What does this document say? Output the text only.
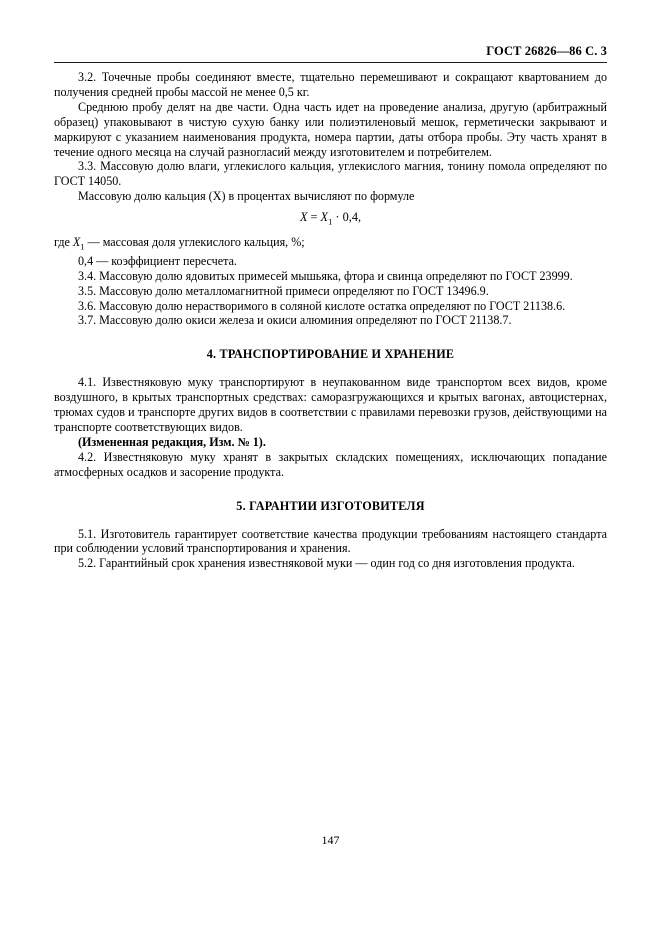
ГОСТ 26826—86 С. 3

3.2. Точечные пробы соединяют вместе, тщательно перемешивают и сокращают квартованием до получения средней пробы массой не менее 0,5 кг.

Среднюю пробу делят на две части. Одна часть идет на проведение анализа, другую (арбитражный образец) упаковывают в чистую сухую банку или полиэтиленовый мешок, герметически закрывают и маркируют с указанием наименования продукта, номера партии, даты отбора пробы. Эту часть хранят в течение одного месяца на случай разногласий между изготовителем и потребителем.

3.3. Массовую долю влаги, углекислого кальция, углекислого магния, тонину помола определяют по ГОСТ 14050.

Массовую долю кальция (X) в процентах вычисляют по формуле

$X = X_1 \cdot 0,4$,

где $X_1$ — массовая доля углекислого кальция, %;

0,4 — коэффициент пересчета.

3.4. Массовую долю ядовитых примесей мышьяка, фтора и свинца определяют по ГОСТ 23999.

3.5. Массовую долю металломагнитной примеси определяют по ГОСТ 13496.9.

3.6. Массовую долю нерастворимого в соляной кислоте остатка определяют по ГОСТ 21138.6.

3.7. Массовую долю окиси железа и окиси алюминия определяют по ГОСТ 21138.7.

4. ТРАНСПОРТИРОВАНИЕ И ХРАНЕНИЕ

4.1. Известняковую муку транспортируют в неупакованном виде транспортом всех видов, кроме воздушного, в крытых транспортных средствах: саморазгружающихся и крытых вагонах, автоцистернах, трюмах судов и транспорте других видов в соответствии с правилами перевозки грузов, действующими на транспорте соответствующих видов.

(Измененная редакция, Изм. № 1).

4.2. Известняковую муку хранят в закрытых складских помещениях, исключающих попадание атмосферных осадков и засорение продукта.

5. ГАРАНТИИ ИЗГОТОВИТЕЛЯ

5.1. Изготовитель гарантирует соответствие качества продукции требованиям настоящего стандарта при соблюдении условий транспортирования и хранения.

5.2. Гарантийный срок хранения известняковой муки — один год со дня изготовления продукта.

147
